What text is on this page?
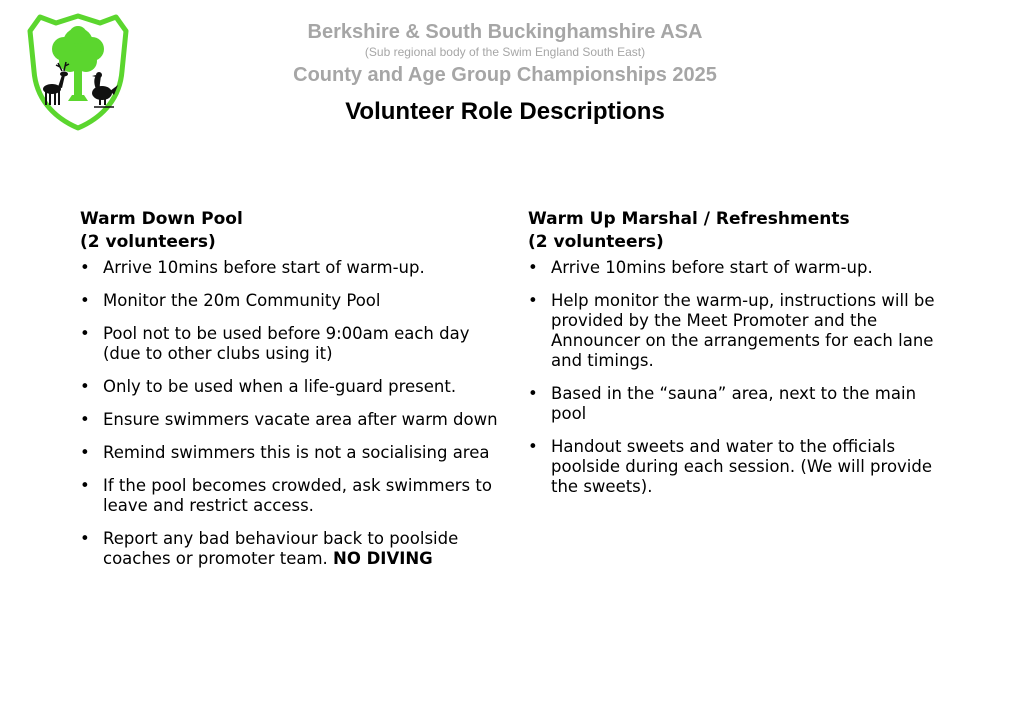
Berkshire & South Buckinghamshire ASA
(Sub regional body of the Swim England South East)
County and Age Group Championships 2025
Volunteer Role Descriptions
Warm Down Pool
(2 volunteers)
• Arrive 10mins before start of warm-up.
• Monitor the 20m Community Pool
• Pool not to be used before 9:00am each day (due to other clubs using it)
• Only to be used when a life-guard present.
• Ensure swimmers vacate area after warm down
• Remind swimmers this is not a socialising area
• If the pool becomes crowded, ask swimmers to leave and restrict access.
• Report any bad behaviour back to poolside coaches or promoter team. NO DIVING
Warm Up Marshal / Refreshments
(2 volunteers)
• Arrive 10mins before start of warm-up.
• Help monitor the warm-up, instructions will be provided by the Meet Promoter and the Announcer on the arrangements for each lane and timings.
• Based in the “sauna” area, next to the main pool
• Handout sweets and water to the officials poolside during each session. (We will provide the sweets).
